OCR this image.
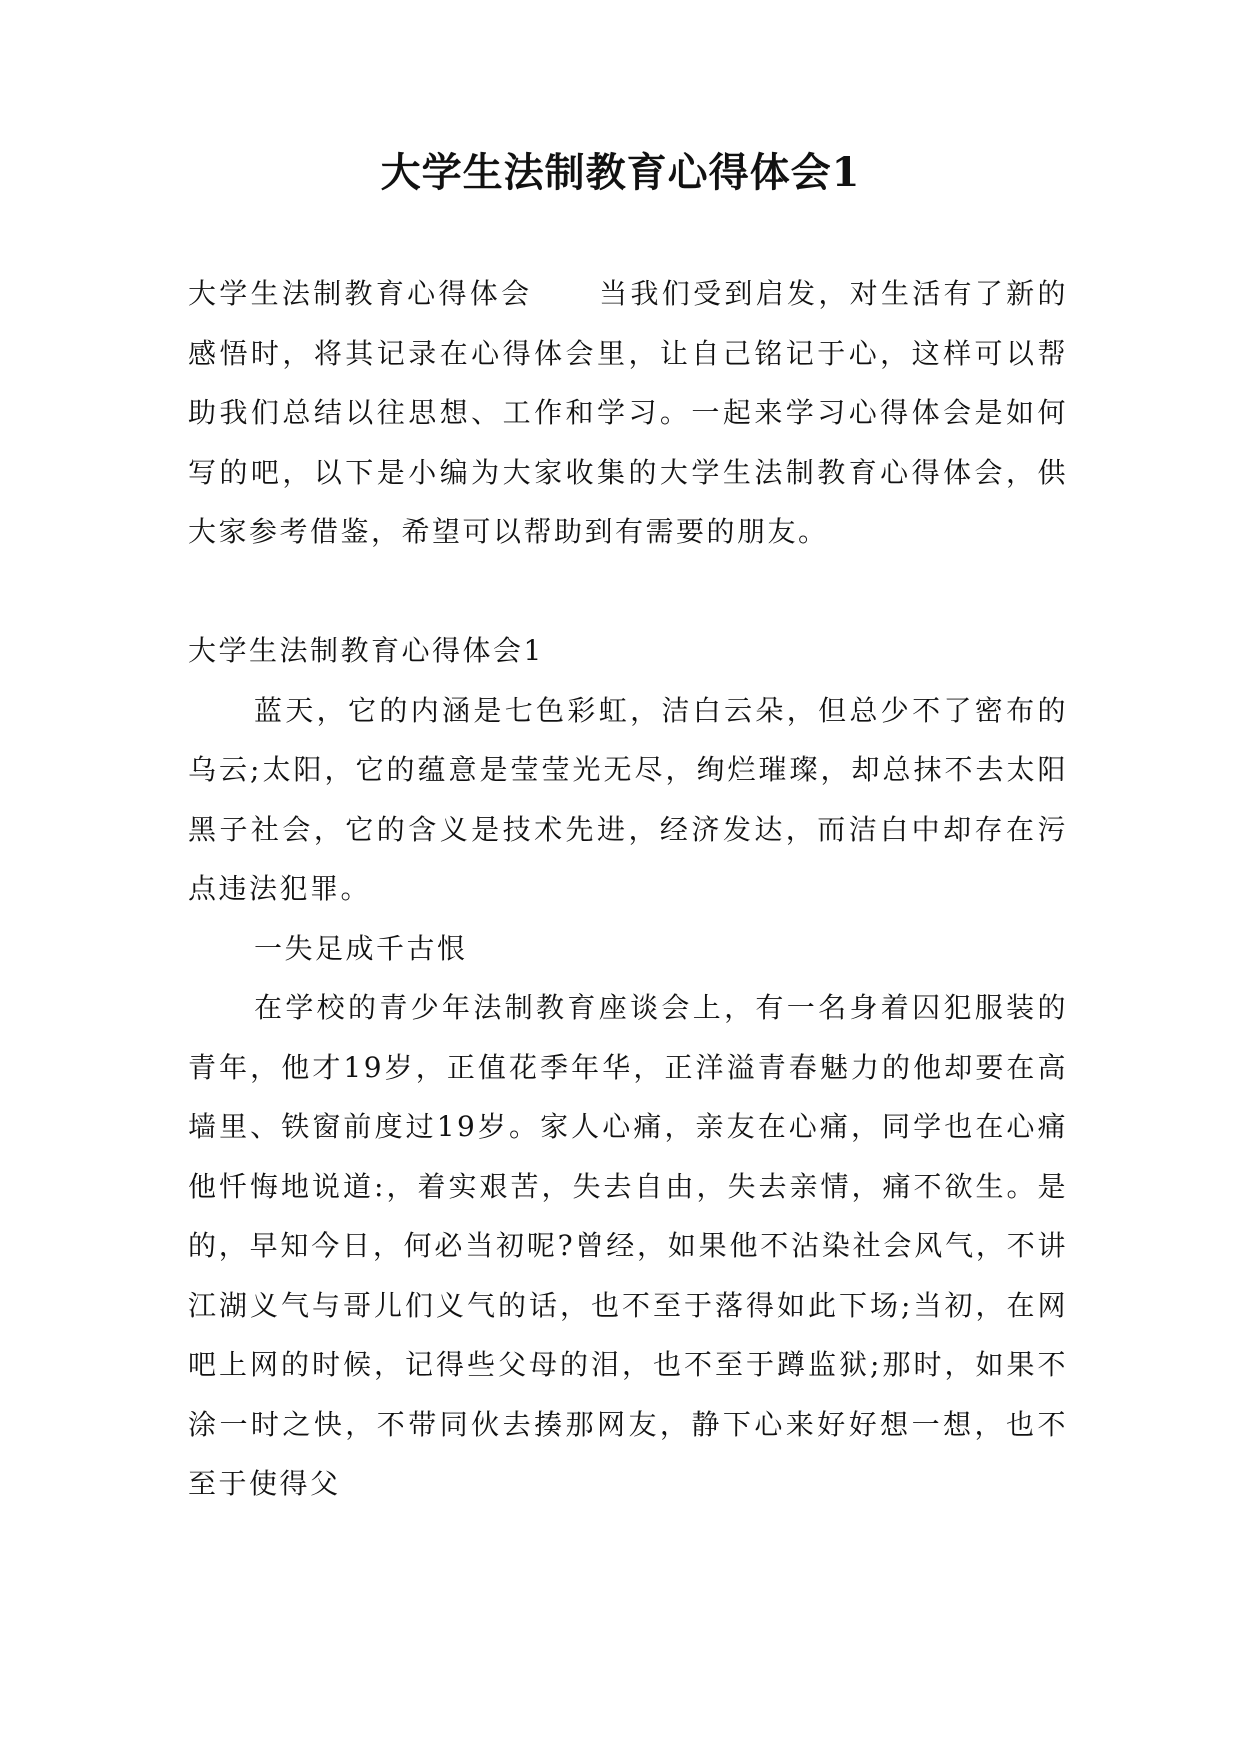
大学生法制教育心得体会1

大学生法制教育心得体会 当我们受到启发，对生活有了新的感悟时，将其记录在心得体会里，让自己铭记于心，这样可以帮助我们总结以往思想、工作和学习。一起来学习心得体会是如何写的吧，以下是小编为大家收集的大学生法制教育心得体会，供大家参考借鉴，希望可以帮助到有需要的朋友。

大学生法制教育心得体会1

蓝天，它的内涵是七色彩虹，洁白云朵，但总少不了密布的乌云;太阳，它的蕴意是莹莹光无尽，绚烂璀璨，却总抹不去太阳黑子社会，它的含义是技术先进，经济发达，而洁白中却存在污点违法犯罪。

一失足成千古恨

在学校的青少年法制教育座谈会上，有一名身着囚犯服装的青年，他才19岁，正值花季年华，正洋溢青春魅力的他却要在高墙里、铁窗前度过19岁。家人心痛，亲友在心痛，同学也在心痛他忏悔地说道:，着实艰苦，失去自由，失去亲情，痛不欲生。是的，早知今日，何必当初呢?曾经，如果他不沾染社会风气，不讲江湖义气与哥儿们义气的话，也不至于落得如此下场;当初，在网吧上网的时候，记得些父母的泪，也不至于蹲监狱;那时，如果不涂一时之快，不带同伙去揍那网友，静下心来好好想一想，也不至于使得父
